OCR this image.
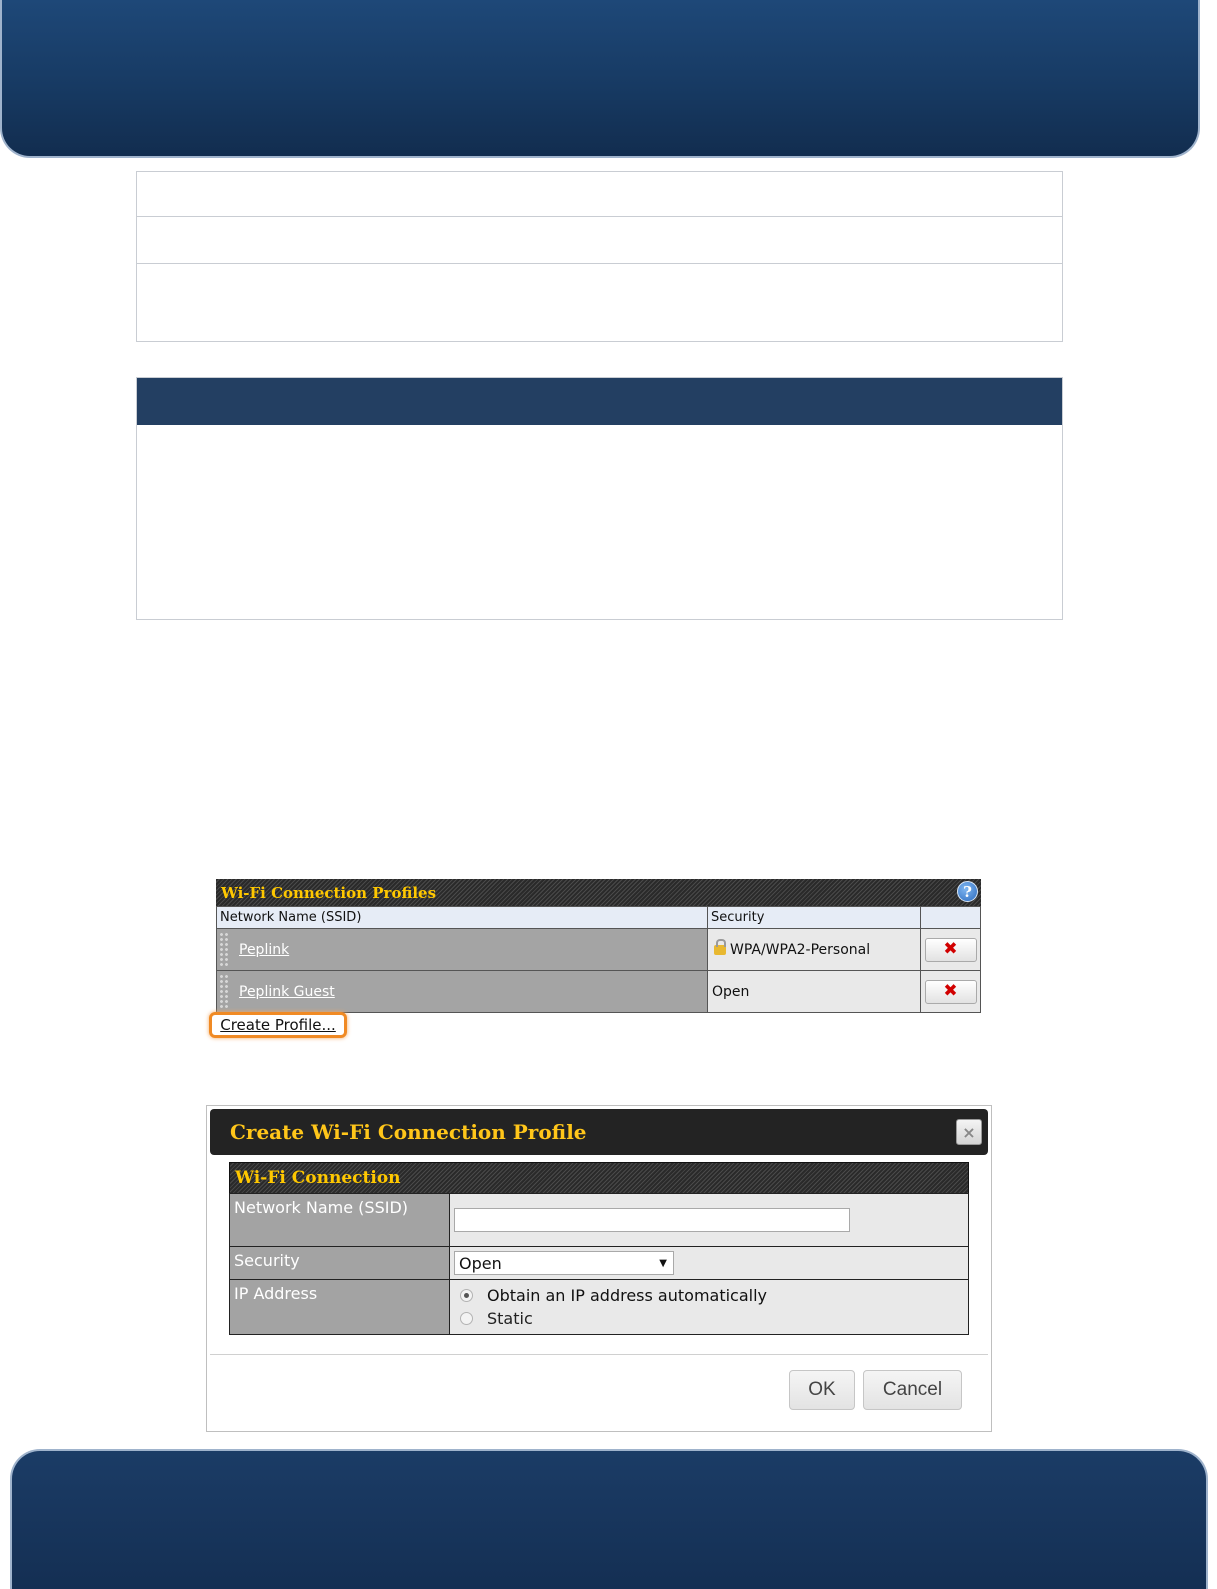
Wi-Fi Connection Profiles	?
Network Name (SSID)	Security	

Peplink	WPA/WPA2-Personal	✖

Peplink Guest	Open	✖
Create Profile...
Create Wi-Fi Connection Profile	×
Wi-Fi Connection
Network Name (SSID)	
Security	Open ▼

IP Address	Obtain an IP address automatically
Static
OK	Cancel
